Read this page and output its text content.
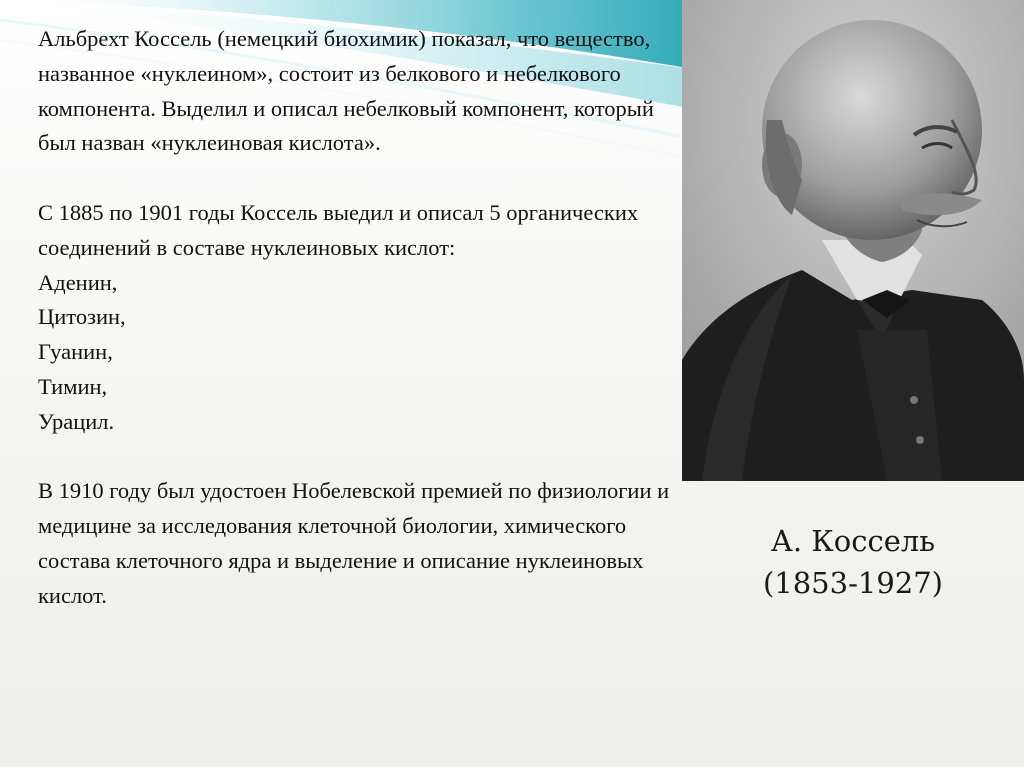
Альбрехт Коссель (немецкий биохимик) показал, что вещество, названное «нуклеином», состоит из белкового и небелкового компонента. Выделил и описал небелковый компонент, который был назван «нуклеиновая кислота».

С 1885 по 1901 годы Коссель выедил и описал 5 органических соединений в составе нуклеиновых кислот:

Аденин,
Цитозин,
Гуанин,
Тимин,
Урацил.

В 1910 году был удостоен Нобелевской премией по физиологии и медицине за исследования клеточной биологии, химического состава клеточного ядра и выделение и описание нуклеиновых кислот.

А. Коссель
(1853-1927)
